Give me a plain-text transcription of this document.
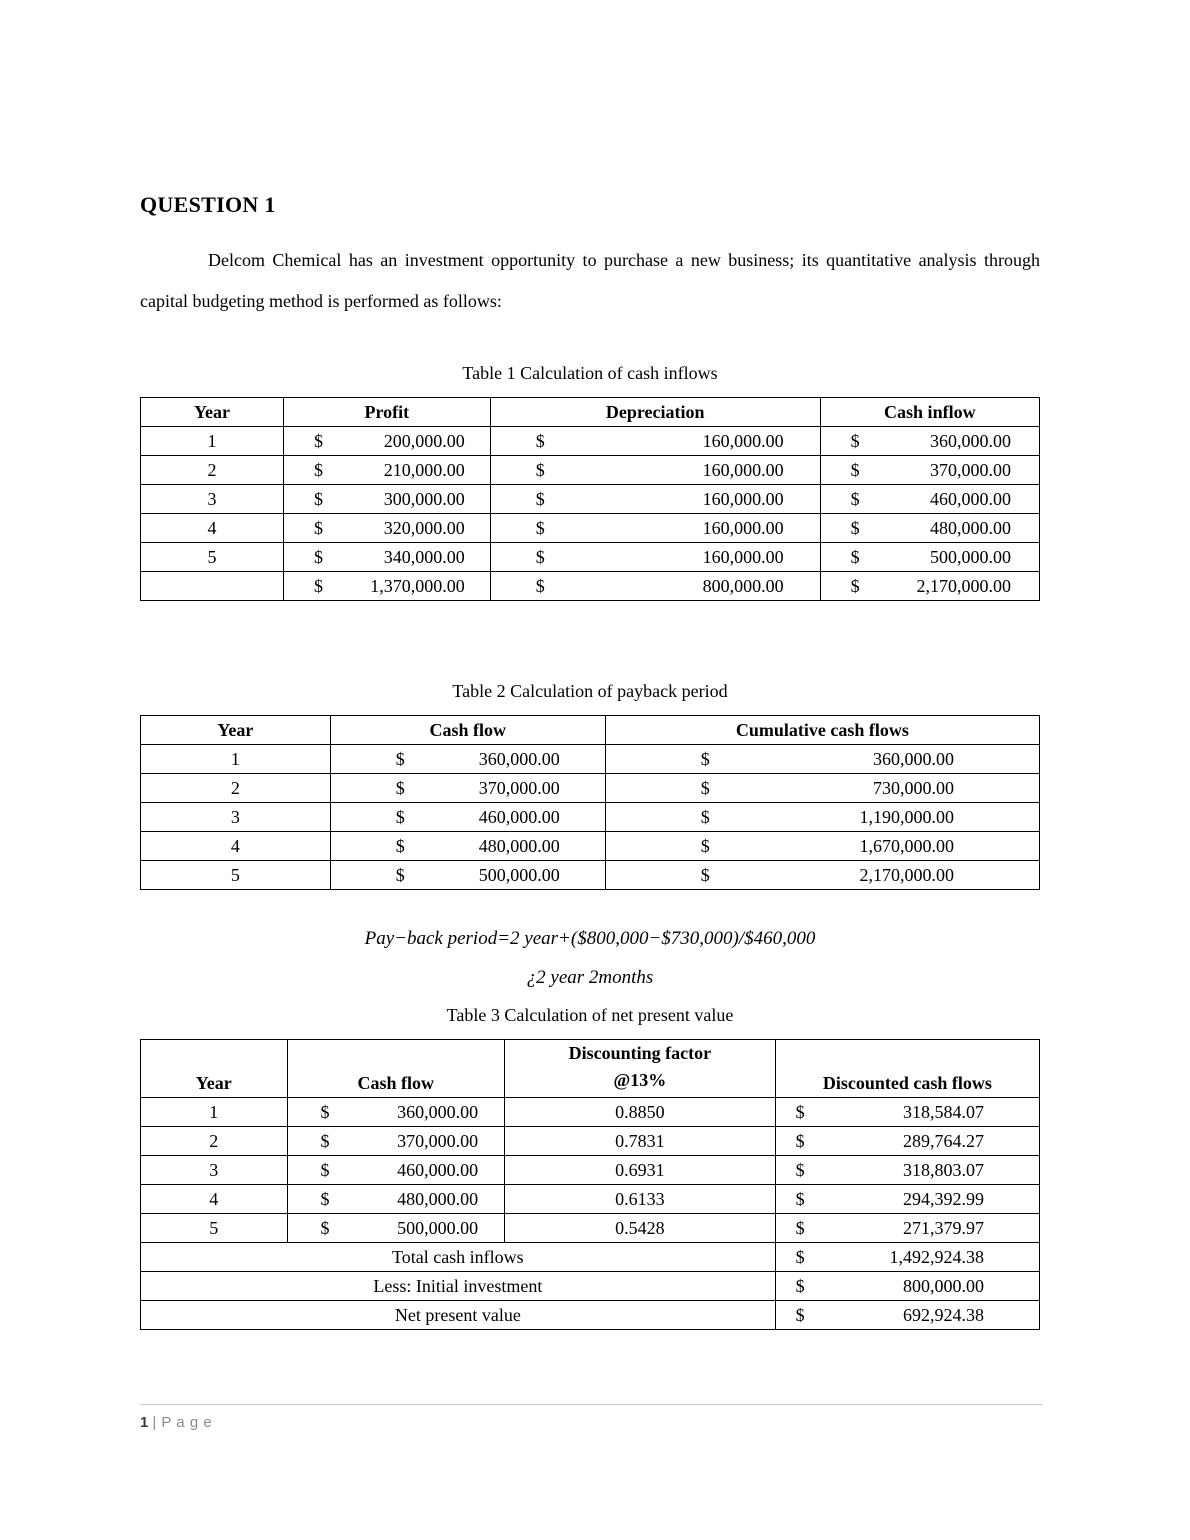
QUESTION 1

Delcom Chemical has an investment opportunity to purchase a new business; its quantitative analysis through capital budgeting method is performed as follows:

Table 1 Calculation of cash inflows

Year	Profit	Depreciation	Cash inflow
1	$ 200,000.00	$ 160,000.00	$ 360,000.00

2	$ 210,000.00	$ 160,000.00	$ 370,000.00

3	$ 300,000.00	$ 160,000.00	$ 460,000.00

4	$ 320,000.00	$ 160,000.00	$ 480,000.00

5	$ 340,000.00	$ 160,000.00	$ 500,000.00

	$ 1,370,000.00	$ 800,000.00	$ 2,170,000.00

Table 2 Calculation of payback period

Year	Cash flow	Cumulative cash flows
1	$ 360,000.00	$ 360,000.00

2	$ 370,000.00	$ 730,000.00

3	$ 460,000.00	$ 1,190,000.00

4	$ 480,000.00	$ 1,670,000.00

5	$ 500,000.00	$ 2,170,000.00

Pay−back period=2 year+($800,000−$730,000)/$460,000

¿2 year 2months

Table 3 Calculation of net present value

Year	Cash flow	Discounting factor
@13%	Discounted cash flows
1	$ 360,000.00	0.8850	$ 318,584.07

2	$ 370,000.00	0.7831	$ 289,764.27

3	$ 460,000.00	0.6931	$ 318,803.07

4	$ 480,000.00	0.6133	$ 294,392.99

5	$ 500,000.00	0.5428	$ 271,379.97

Total cash inflows			$ 1,492,924.38

Less: Initial investment			$ 800,000.00

Net present value			$ 692,924.38
1 | P a g e
